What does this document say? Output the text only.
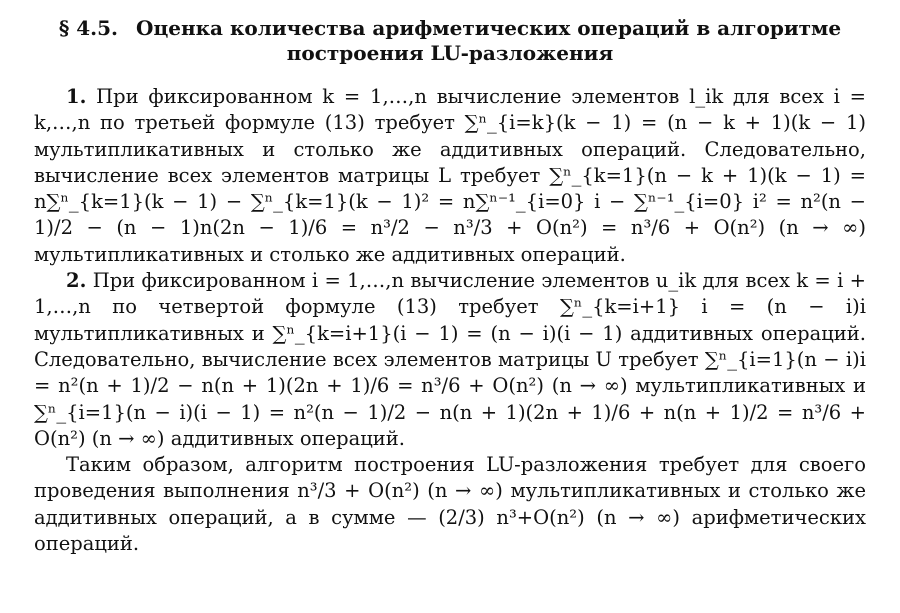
§ 4.5. Оценка количества арифметических операций в алгоритме
построения LU-разложения

1. При фиксированном k = 1,…,n вычисление элементов l_ik для всех i = k,…,n по третьей формуле (13) требует ∑ⁿ_{i=k}(k − 1) = (n − k + 1)(k − 1) мультипликативных и столько же аддитивных операций. Следовательно, вычисление всех элементов матрицы L требует ∑ⁿ_{k=1}(n − k + 1)(k − 1) = n∑ⁿ_{k=1}(k − 1) − ∑ⁿ_{k=1}(k − 1)² = n∑ⁿ⁻¹_{i=0} i − ∑ⁿ⁻¹_{i=0} i² = n²(n − 1)/2 − (n − 1)n(2n − 1)/6 = n³/2 − n³/3 + O(n²) = n³/6 + O(n²) (n → ∞) мультипликативных и столько же аддитивных операций.

2. При фиксированном i = 1,…,n вычисление элементов u_ik для всех k = i + 1,…,n по четвертой формуле (13) требует ∑ⁿ_{k=i+1} i = (n − i)i мультипликативных и ∑ⁿ_{k=i+1}(i − 1) = (n − i)(i − 1) аддитивных операций. Следовательно, вычисление всех элементов матрицы U требует ∑ⁿ_{i=1}(n − i)i = n²(n + 1)/2 − n(n + 1)(2n + 1)/6 = n³/6 + O(n²) (n → ∞) мультипликативных и ∑ⁿ_{i=1}(n − i)(i − 1) = n²(n − 1)/2 − n(n + 1)(2n + 1)/6 + n(n + 1)/2 = n³/6 + O(n²) (n → ∞) аддитивных операций.

Таким образом, алгоритм построения LU-разложения требует для своего проведения выполнения n³/3 + O(n²) (n → ∞) мультипликативных и столько же аддитивных операций, а в сумме — (2/3) n³+O(n²) (n → ∞) арифметических операций.
